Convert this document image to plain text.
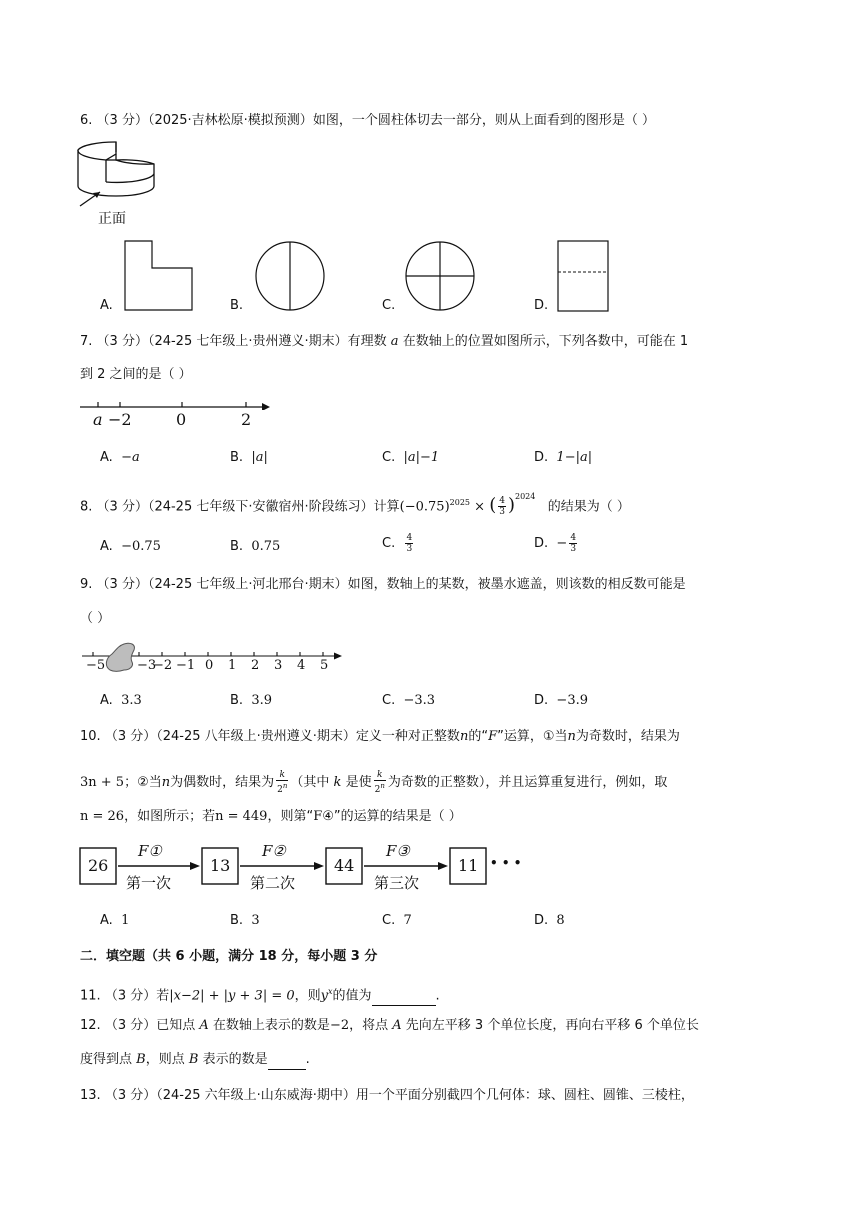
6. （3 分）（2025·吉林松原·模拟预测）如图，一个圆柱体切去一部分，则从上面看到的图形是（ ）
正面
A.	B.	C.	D.
7. （3 分）（24-25 七年级上·贵州遵义·期末）有理数 a 在数轴上的位置如图所示，下列各数中，可能在 1
到 2 之间的是（ ）
a −2	0	2
A. −a	B. |a|	C. |a|−1	D. 1−|a|
8. （3 分）（24-25 七年级下·安徽宿州·阶段练习）计算$(-0.75)^{2025}$ × ( $\frac{4}{3} )^{2024}$   的结果为（ ）
A. −0.75	B. 0.75	C. $\frac{4}{3}$	D. − $\frac{4}{3}$
9. （3 分）（24-25 七年级上·河北邢台·期末）如图，数轴上的某数，被墨水遮盖，则该数的相反数可能是
（ ）
−5 −3
−2 −1 0 1 2 3 4 5
A. 3.3	B. 3.9	C. −3.3	D. −3.9
10. （3 分）（24-25 八年级上·贵州遵义·期末）定义一种对正整数n的“F”运算，①当n为奇数时，结果为
3n + 5；②当n为偶数时，结果为 $\frac{k}{2^n}$ （其中 k 是使 $\frac{k}{2^n}$ 为奇数的正整数），并且运算重复进行，例如，取
n = 26，如图所示；若n = 449，则第“F④”的运算的结果是（ ）
26	13	44	11 • • •
F①	F②	F③
第一次	第二次	第三次
A. 1	B. 3	C. 7	D. 8
二．填空题（共 6 小题，满分 18 分，每小题 3 分
11. （3 分）若|x−2| + |y + 3| = 0，则$y^x$的值为	.
12. （3 分）已知点 A 在数轴上表示的数是−2，将点 A 先向左平移 3 个单位长度，再向右平移 6 个单位长
度得到点 B，则点 B 表示的数是	.
13. （3 分）（24-25 六年级上·山东威海·期中）用一个平面分别截四个几何体：球、圆柱、圆锥、三棱柱，
